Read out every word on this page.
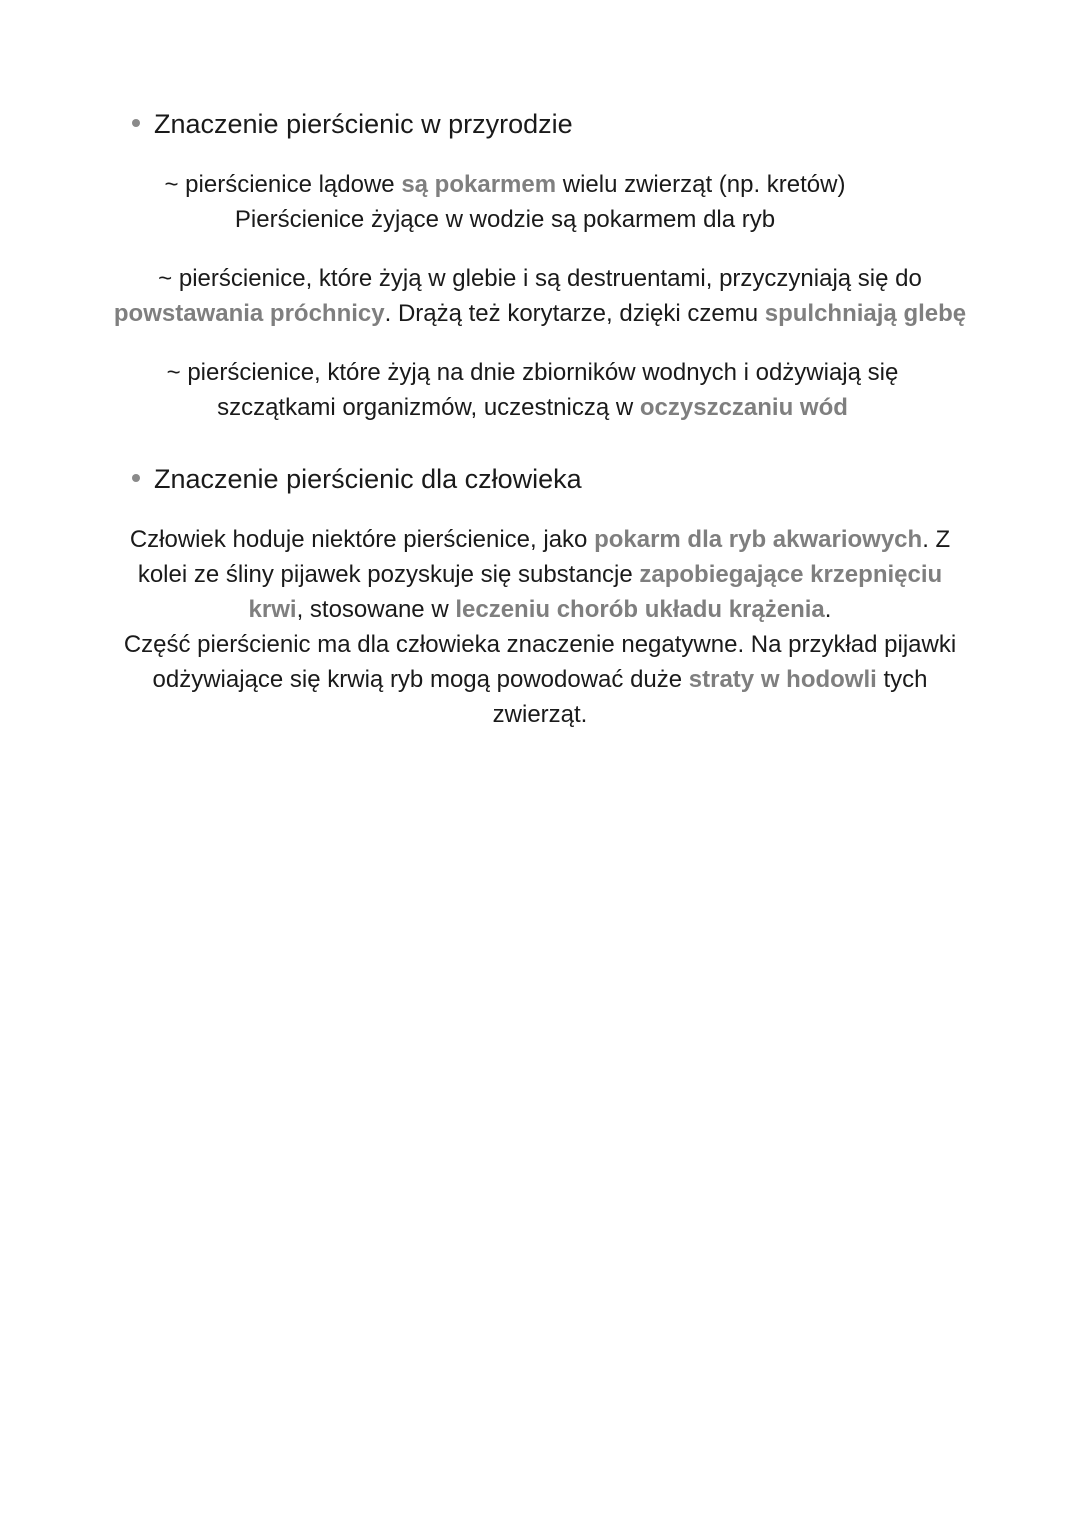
Znaczenie pierścienic w przyrodzie
~ pierścienice lądowe są pokarmem wielu zwierząt (np. kretów)
Pierścienice żyjące w wodzie są pokarmem dla ryb
~ pierścienice, które żyją w glebie i są destruentami, przyczyniają się do
powstawania próchnicy. Drążą też korytarze, dzięki czemu spulchniają glebę
~ pierścienice, które żyją na dnie zbiorników wodnych i odżywiają się
szczątkami organizmów, uczestniczą w oczyszczaniu wód
Znaczenie pierścienic dla człowieka
Człowiek hoduje niektóre pierścienice, jako pokarm dla ryb akwariowych. Z
kolei ze śliny pijawek pozyskuje się substancje zapobiegające krzepnięciu
krwi, stosowane w leczeniu chorób układu krążenia.
Część pierścienic ma dla człowieka znaczenie negatywne. Na przykład pijawki
odżywiające się krwią ryb mogą powodować duże straty w hodowli tych
zwierząt.
